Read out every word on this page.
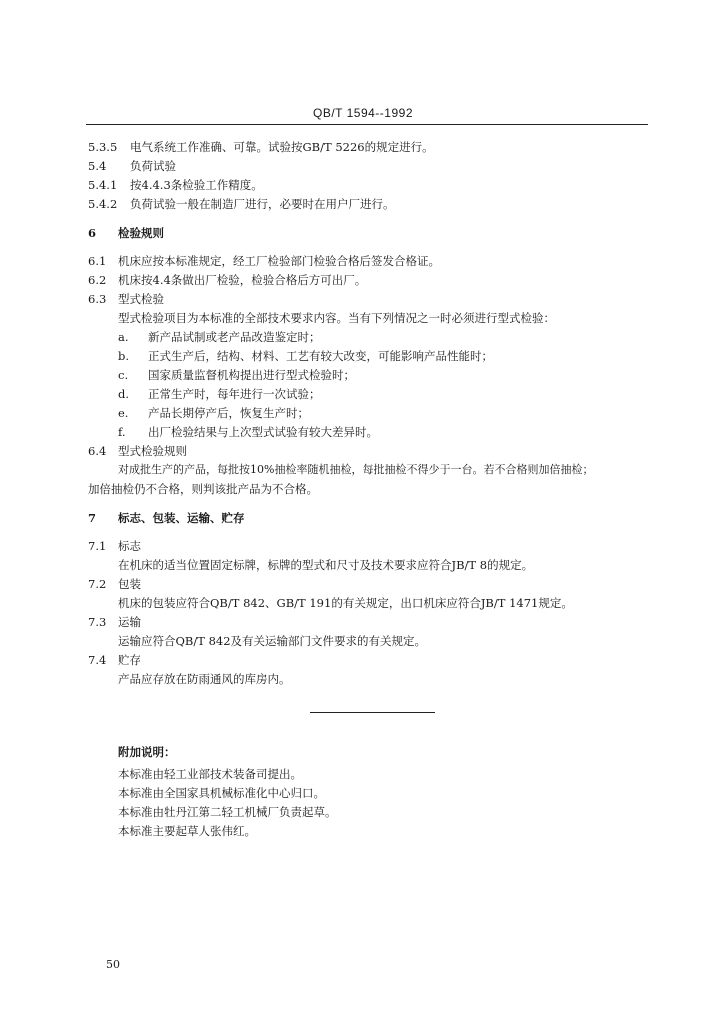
QB/T 1594--1992
5.3.5 电气系统工作准确、可靠。试验按GB/T 5226的规定进行。
5.4 负荷试验
5.4.1 按4.4.3条检验工作精度。
5.4.2 负荷试验一般在制造厂进行，必要时在用户厂进行。
6 检验规则
6.1 机床应按本标准规定，经工厂检验部门检验合格后签发合格证。
6.2 机床按4.4条做出厂检验，检验合格后方可出厂。
6.3 型式检验
型式检验项目为本标准的全部技术要求内容。当有下列情况之一时必须进行型式检验：
a. 新产品试制或老产品改造鉴定时；
b. 正式生产后，结构、材料、工艺有较大改变，可能影响产品性能时；
c. 国家质量监督机构提出进行型式检验时；
d. 正常生产时，每年进行一次试验；
e. 产品长期停产后，恢复生产时；
f. 出厂检验结果与上次型式试验有较大差异时。
6.4 型式检验规则
对成批生产的产品，每批按10%抽检率随机抽检，每批抽检不得少于一台。若不合格则加倍抽检；
加倍抽检仍不合格，则判该批产品为不合格。
7 标志、包装、运输、贮存
7.1 标志
在机床的适当位置固定标牌，标牌的型式和尺寸及技术要求应符合JB/T 8的规定。
7.2 包装
机床的包装应符合QB/T 842、GB/T 191的有关规定，出口机床应符合JB/T 1471规定。
7.3 运输
运输应符合QB/T 842及有关运输部门文件要求的有关规定。
7.4 贮存
产品应存放在防雨通风的库房内。
附加说明：
本标准由轻工业部技术装备司提出。
本标准由全国家具机械标准化中心归口。
本标准由牡丹江第二轻工机械厂负责起草。
本标准主要起草人张伟红。
50
